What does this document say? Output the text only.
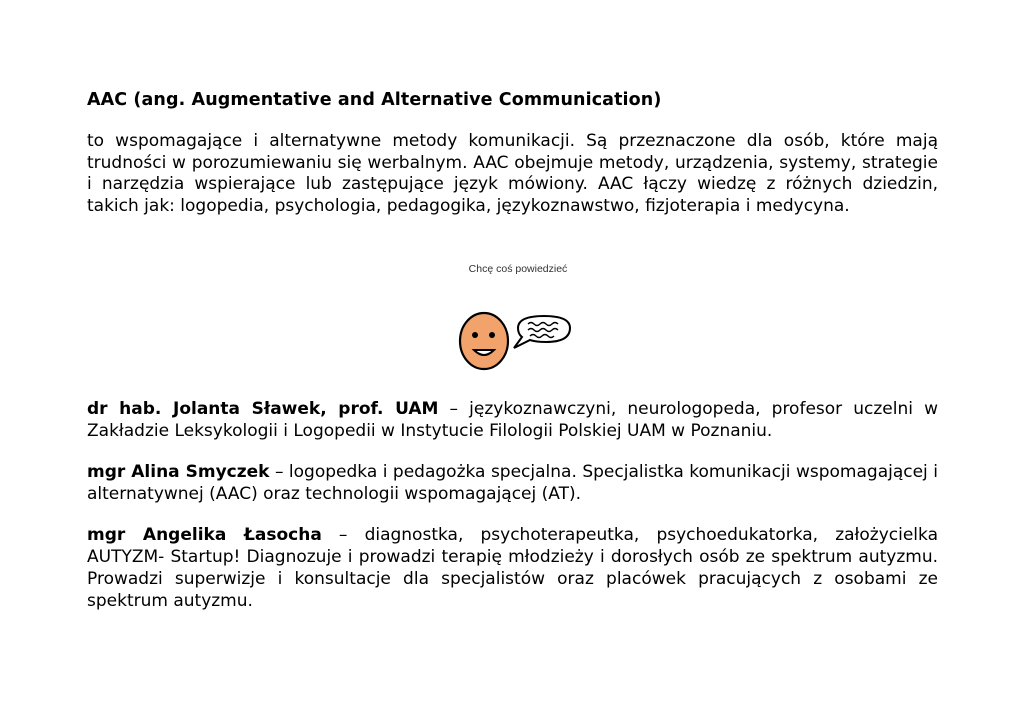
AAC (ang. Augmentative and Alternative Communication)

to wspomagające i alternatywne metody komunikacji. Są przeznaczone dla osób, które mają trudności w porozumiewaniu się werbalnym. AAC obejmuje metody, urządzenia, systemy, strategie i narzędzia wspierające lub zastępujące język mówiony. AAC łączy wiedzę z różnych dziedzin, takich jak: logopedia, psychologia, pedagogika, językoznawstwo, fizjoterapia i medycyna.

Chcę coś powiedzieć

dr hab. Jolanta Sławek, prof. UAM – językoznawczyni, neurologopeda, profesor uczelni w Zakładzie Leksykologii i Logopedii w Instytucie Filologii Polskiej UAM w Poznaniu.

mgr Alina Smyczek – logopedka i pedagożka specjalna. Specjalistka komunikacji wspomagającej i alternatywnej (AAC) oraz technologii wspomagającej (AT).

mgr Angelika Łasocha – diagnostka, psychoterapeutka, psychoedukatorka, założycielka AUTYZM- Startup! Diagnozuje i prowadzi terapię młodzieży i dorosłych osób ze spektrum autyzmu. Prowadzi superwizje i konsultacje dla specjalistów oraz placówek pracujących z osobami ze spektrum autyzmu.
